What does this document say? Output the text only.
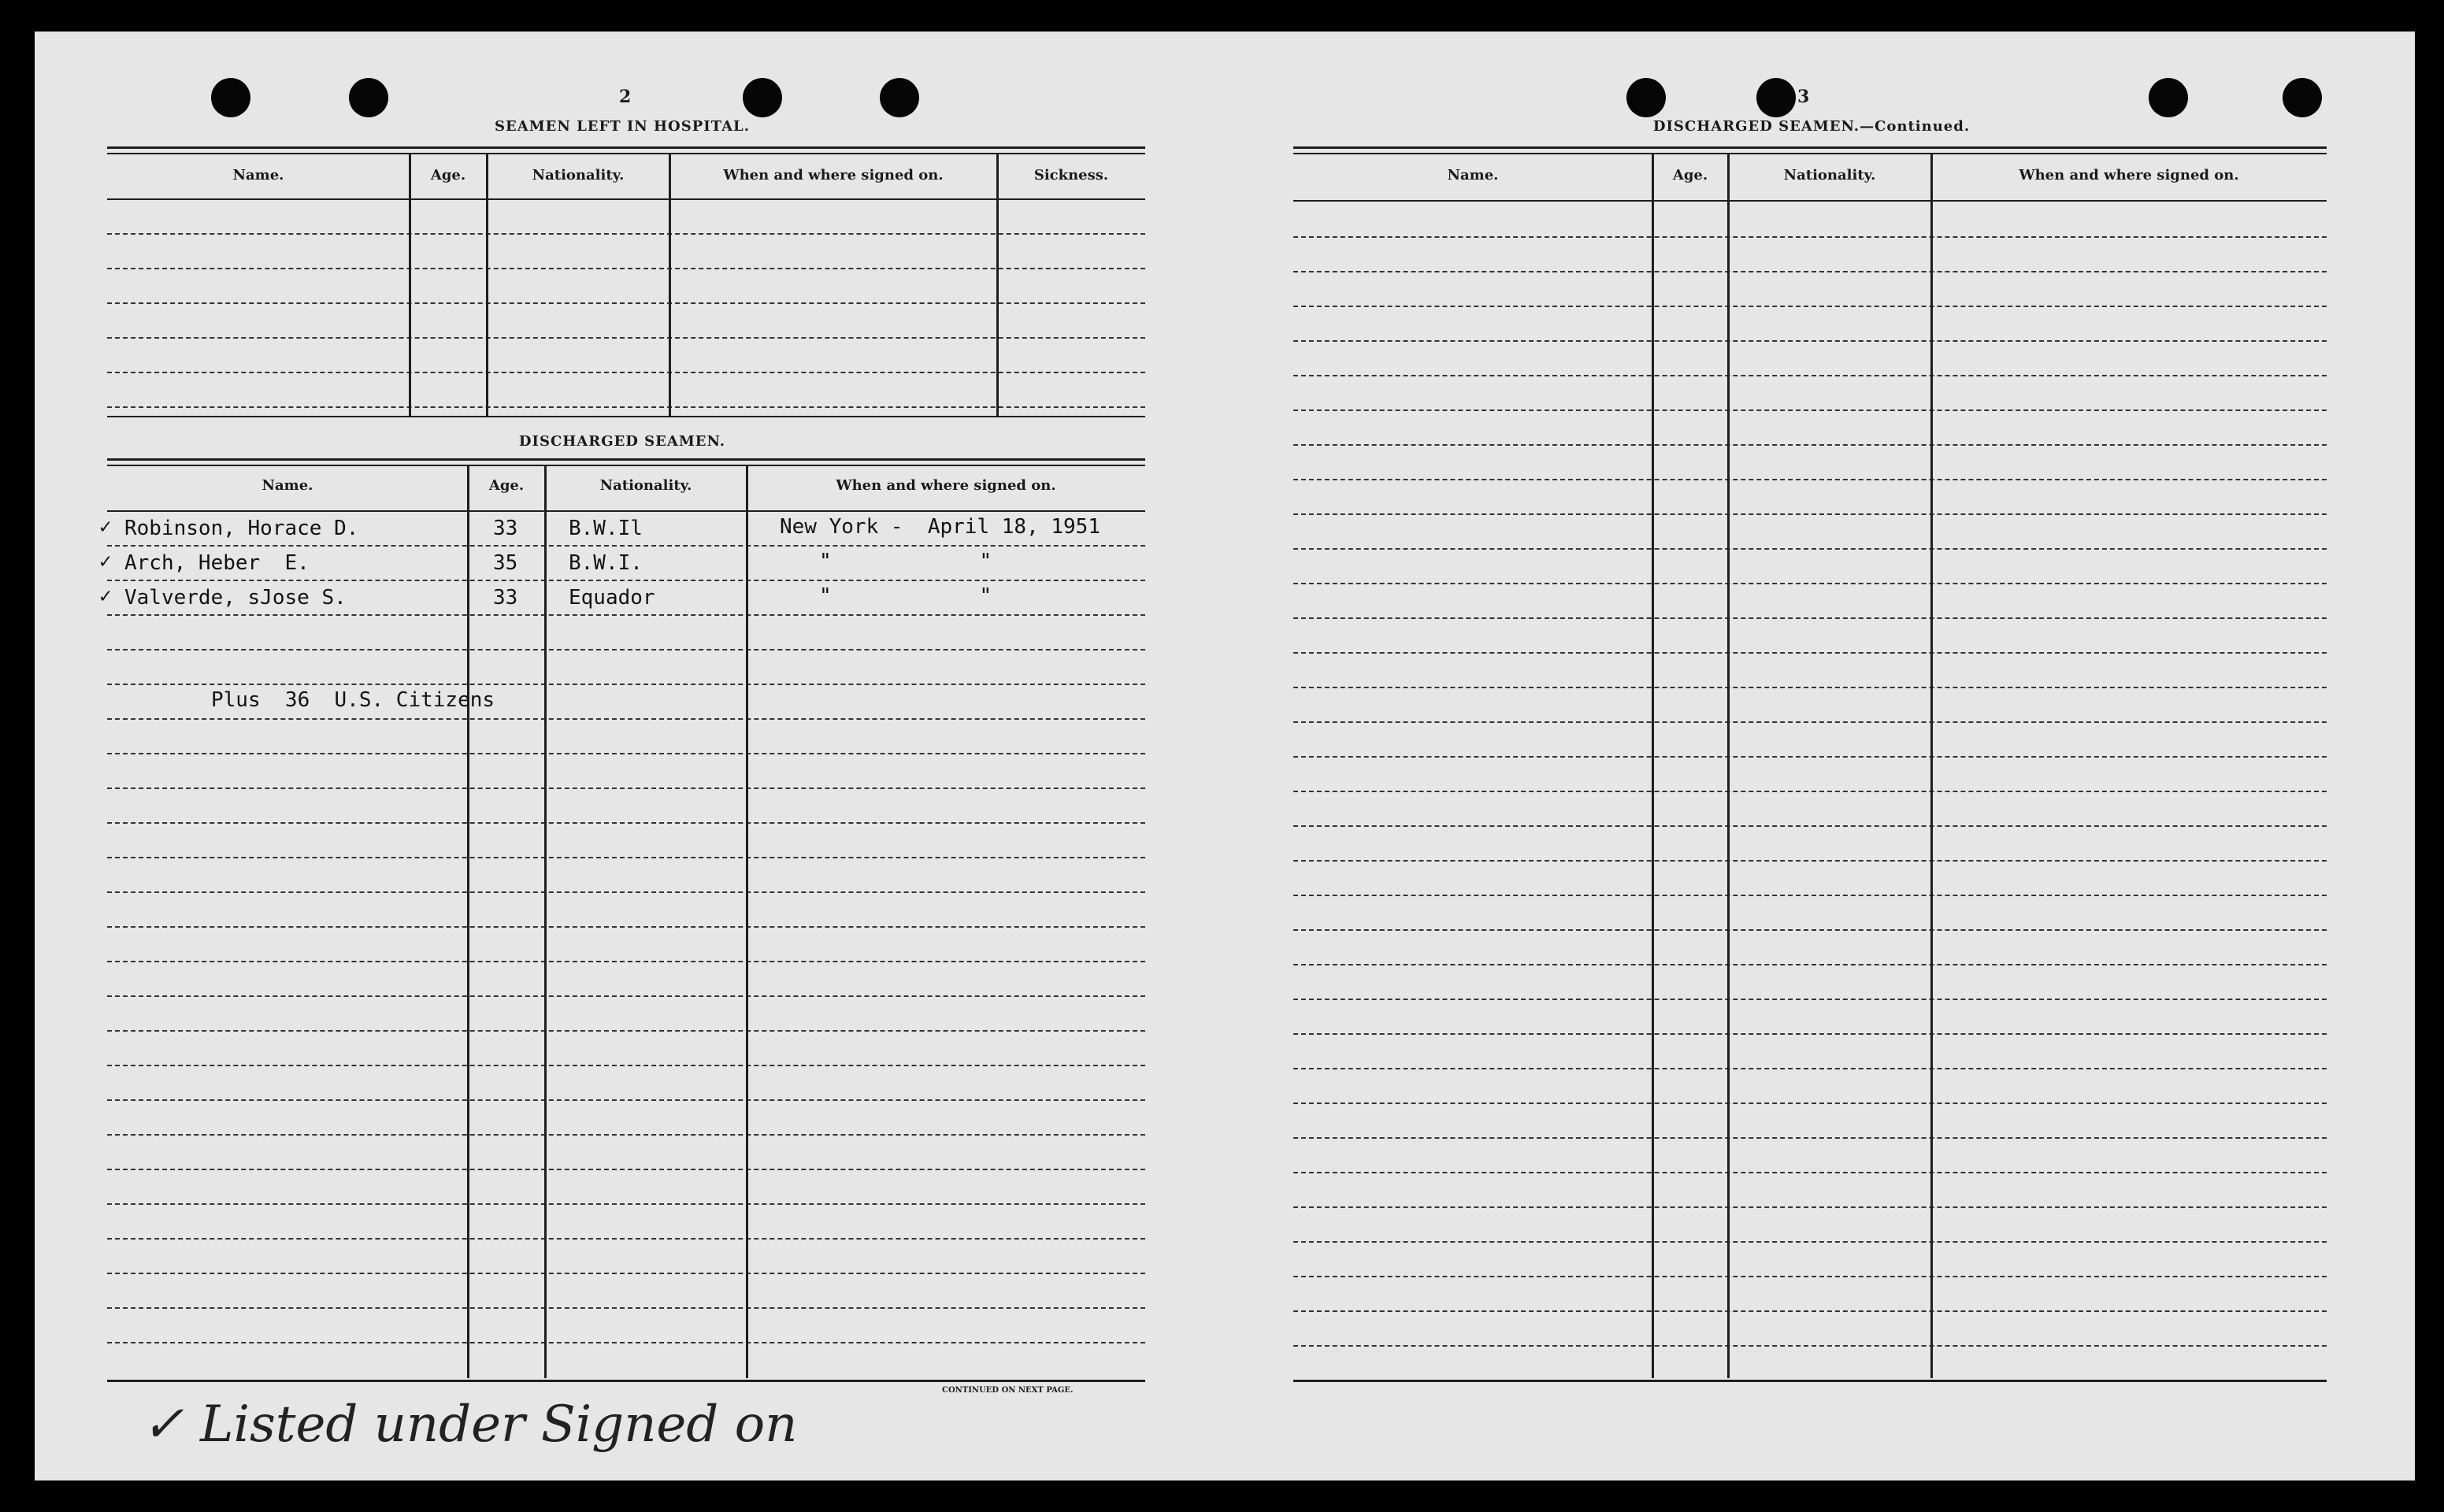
2
SEAMEN LEFT IN HOSPITAL.
Name.	Age.	Nationality.	When and where signed on.	Sickness.
DISCHARGED SEAMEN.
Name.	Age.	Nationality.	When and where signed on.
✓ Robinson, Horace D.	33 B.W.Il	New York -  April 18, 1951
✓ Arch, Heber  E.	35 B.W.I.	"            "
✓ Valverde, sJose S.	33 Equador	"            "
Plus  36  U.S. Citizens
CONTINUED ON NEXT PAGE.
✓ Listed under Signed on
3
DISCHARGED SEAMEN.—Continued.
Name.	Age.	Nationality.	When and where signed on.
